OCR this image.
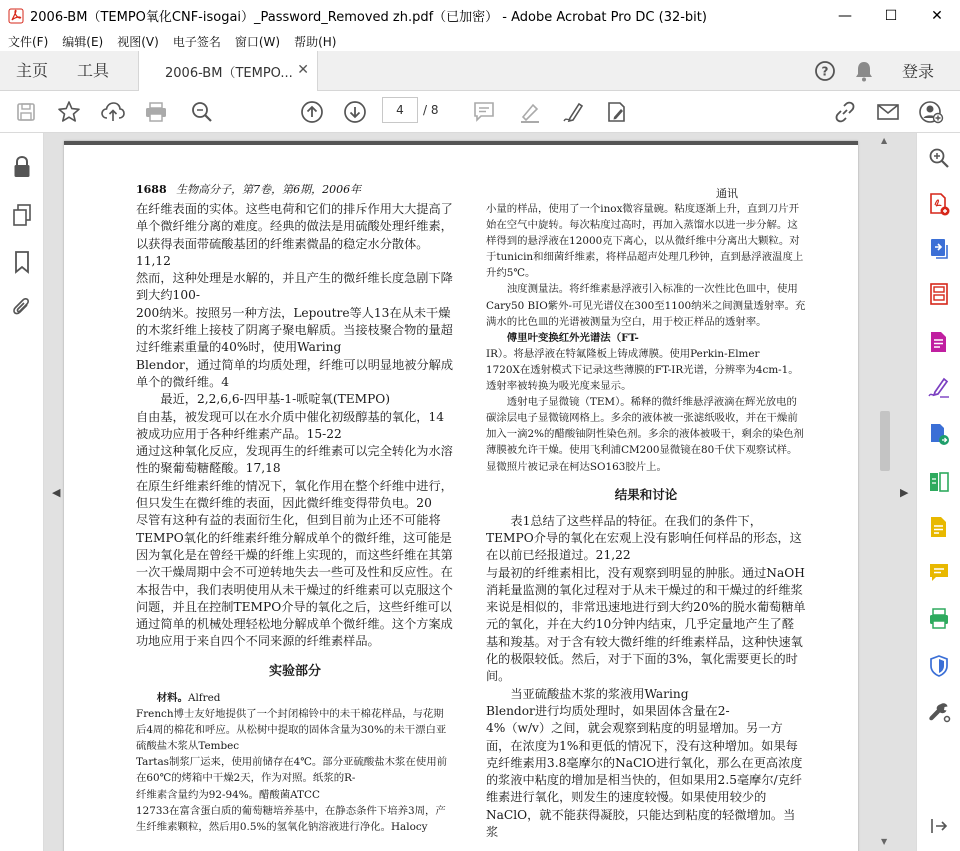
2006-BM（TEMPO氧化CNF-isogai）_Password_Removed zh.pdf（已加密） - Adobe Acrobat Pro DC (32-bit)	—	☐	✕
文件(F) 编辑(E) 视图(V) 电子签名 窗口(W) 帮助(H)
主页 工具	2006-BM（TEMPO... ✕	?	登录
4	/ 8
◀
1688 生物高分子，第7卷，第6期，2006年	通讯

在纤维表面的实体。这些电荷和它们的排斥作用大大提高了单个微纤维分离的难度。经典的做法是用硫酸处理纤维素，以获得表面带硫酸基团的纤维素微晶的稳定水分散体。11,12

然而，这种处理是水解的，并且产生的微纤维长度急剧下降到大约100-

200纳米。按照另一种方法，Lepoutre等人13在从未干燥的木浆纤维上接枝了阴离子聚电解质。当接枝聚合物的量超过纤维素重量的40%时，使用Waring

Blendor，通过简单的均质处理，纤维可以明显地被分解成单个的微纤维。4

最近，2,2,6,6-四甲基-1-哌啶氧(TEMPO)

自由基，被发现可以在水介质中催化初级醇基的氧化，14被成功应用于各种纤维素产品。15-22

通过这种氧化反应，发现再生的纤维素可以完全转化为水溶性的聚葡萄糖醛酸。17,18

在原生纤维素纤维的情况下，氧化作用在整个纤维中进行，但只发生在微纤维的表面，因此微纤维变得带负电。20

尽管有这种有益的表面衍生化，但到目前为止还不可能将TEMPO氧化的纤维素纤维分解成单个的微纤维，这可能是因为氧化是在曾经干燥的纤维上实现的，而这些纤维在其第一次干燥周期中会不可逆转地失去一些可及性和反应性。在本报告中，我们表明使用从未干燥过的纤维素可以克服这个问题，并且在控制TEMPO介导的氧化之后，这些纤维可以通过简单的机械处理轻松地分解成单个微纤维。这个方案成功地应用于来自四个不同来源的纤维素样品。

实验部分

材料。Alfred

French博士友好地提供了一个封闭棉铃中的未干棉花样品，与花期后4周的棉花和呼应。从松树中提取的固体含量为30%的未干漂白亚硫酸盐木浆从Tembec

Tartas制浆厂运来，使用前储存在4℃。部分亚硫酸盐木浆在使用前在60℃的烤箱中干燥2天，作为对照。纸浆的R-

纤维素含量约为92-94%。醋酸菌ATCC

12733在富含蛋白质的葡萄糖培养基中，在静态条件下培养3周，产生纤维素颗粒，然后用0.5%的氢氧化钠溶液进行净化。Halocy

小量的样品，使用了一个inox微容量碗。粘度逐渐上升，直到刀片开始在空气中旋转。每次粘度过高时，再加入蒸馏水以进一步分解。这样得到的悬浮液在12000克下离心，以从微纤维中分离出大颗粒。对于tunicin和细菌纤维素，将样品超声处理几秒钟，直到悬浮液温度上升约5℃。

浊度测量法。将纤维素悬浮液引入标准的一次性比色皿中，使用Cary50 BIO紫外-可见光谱仪在300至1100纳米之间测量透射率。充满水的比色皿的光谱被测量为空白，用于校正样品的透射率。

傅里叶变换红外光谱法（FT-

IR）。将悬浮液在特氟隆板上铸成薄膜。使用Perkin-Elmer

1720X在透射模式下记录这些薄膜的FT-IR光谱，分辨率为4cm-1。透射率被转换为吸光度来显示。

透射电子显微镜（TEM）。稀释的微纤维悬浮液滴在辉光放电的碳涂层电子显微镜网格上。多余的液体被一张滤纸吸收，并在干燥前加入一滴2%的醋酸铀阴性染色剂。多余的液体被吸干，剩余的染色剂薄膜被允许干燥。使用飞利浦CM200显微镜在80千伏下观察试样。显微照片被记录在柯达SO163胶片上。

结果和讨论

表1总结了这些样品的特征。在我们的条件下，TEMPO介导的氧化在宏观上没有影响任何样品的形态，这在以前已经报道过。21,22

与最初的纤维素相比，没有观察到明显的肿胀。通过NaOH消耗量监测的氧化过程对于从未干燥过的和干燥过的纤维浆来说是相似的，非常迅速地进行到大约20%的脱水葡萄糖单元的氧化，并在大约10分钟内结束，几乎定量地产生了醛基和羧基。对于含有较大微纤维的纤维素样品，这种快速氧化的极限较低。然后，对于下面的3%，氧化需要更长的时间。

当亚硫酸盐木浆的浆液用Waring

Blendor进行均质处理时，如果固体含量在2-

4%（w/v）之间，就会观察到粘度的明显增加。另一方面，在浓度为1%和更低的情况下，没有这种增加。如果每克纤维素用3.8毫摩尔的NaClO进行氧化，那么在更高浓度的浆液中粘度的增加是相当快的，但如果用2.5毫摩尔/克纤维素进行氧化，则发生的速度较慢。如果使用较少的NaClO，就不能获得凝胶，只能达到粘度的轻微增加。当浆

▶
▲
▼
